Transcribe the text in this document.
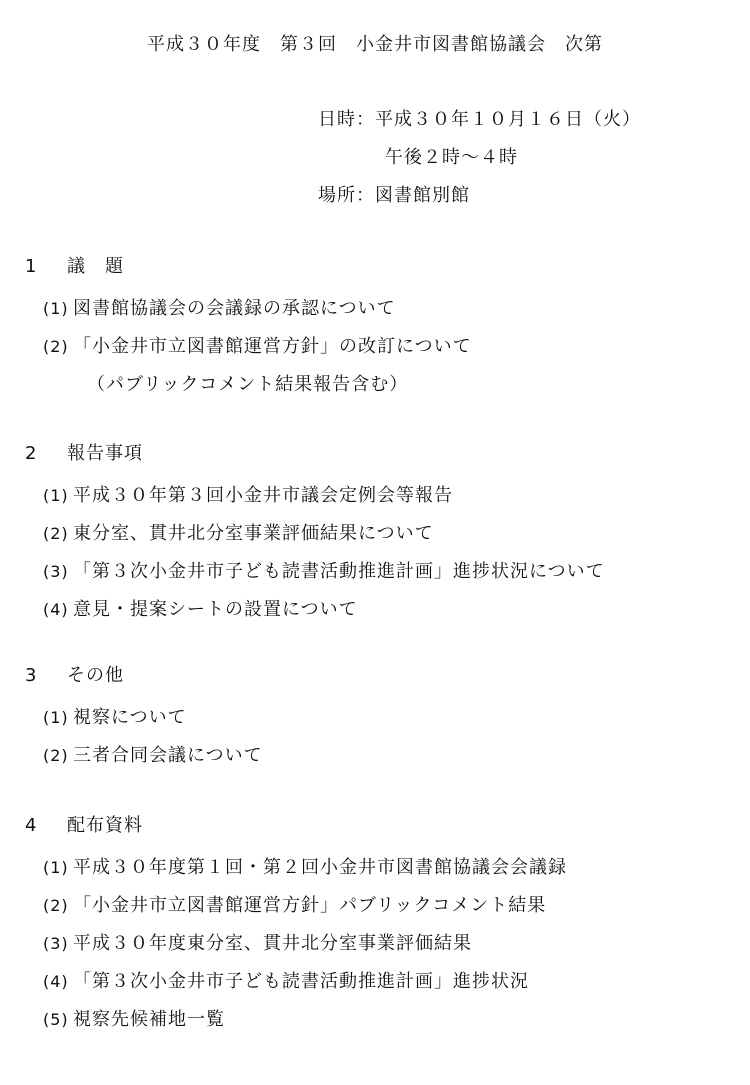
平成３０年度　第３回　小金井市図書館協議会　次第
日時：平成３０年１０月１６日（火）
午後２時～４時
場所：図書館別館
1 議　題
(1) 図書館協議会の会議録の承認について
(2) 「小金井市立図書館運営方針」の改訂について
（パブリックコメント結果報告含む）
2 報告事項
(1) 平成３０年第３回小金井市議会定例会等報告
(2) 東分室、貫井北分室事業評価結果について
(3) 「第３次小金井市子ども読書活動推進計画」進捗状況について
(4) 意見・提案シートの設置について
3 その他
(1) 視察について
(2) 三者合同会議について
4 配布資料
(1) 平成３０年度第１回・第２回小金井市図書館協議会会議録
(2) 「小金井市立図書館運営方針」パブリックコメント結果
(3) 平成３０年度東分室、貫井北分室事業評価結果
(4) 「第３次小金井市子ども読書活動推進計画」進捗状況
(5) 視察先候補地一覧
